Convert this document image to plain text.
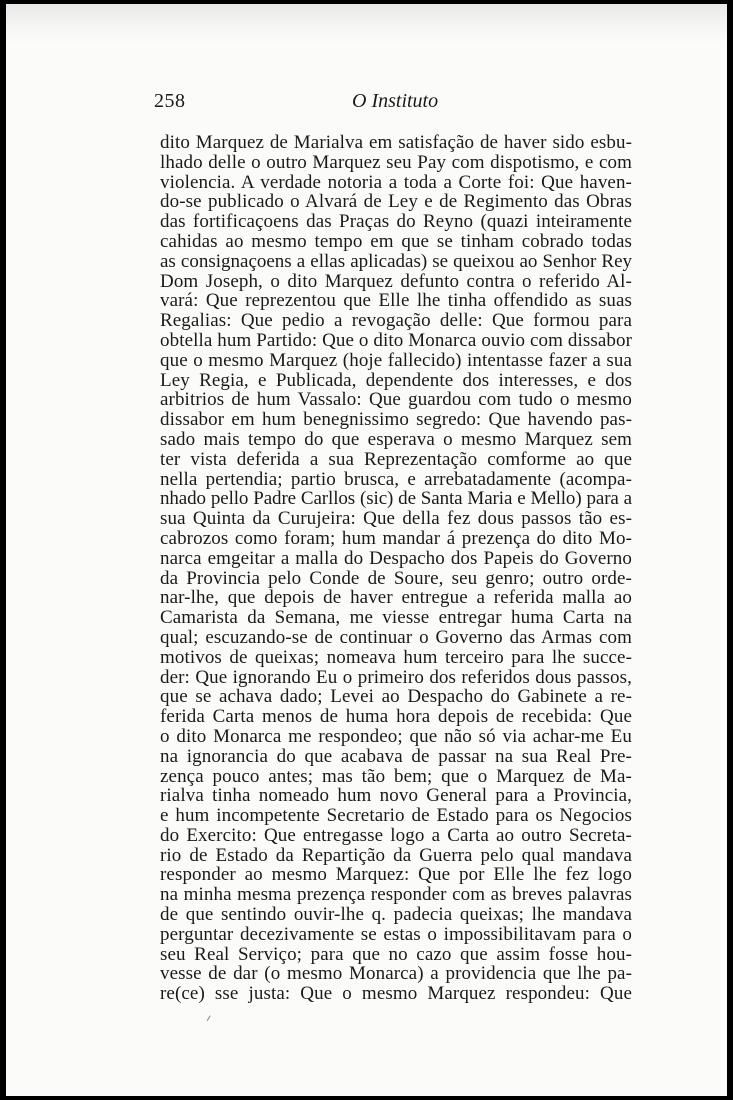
258	O Instituto
dito Marquez de Marialva em satisfação de haver sido esbu-
lhado delle o outro Marquez seu Pay com dispotismo, e com
violencia. A verdade notoria a toda a Corte foi: Que haven-
do-se publicado o Alvará de Ley e de Regimento das Obras
das fortificaçoens das Praças do Reyno (quazi inteiramente
cahidas ao mesmo tempo em que se tinham cobrado todas
as consignaçoens a ellas aplicadas) se queixou ao Senhor Rey
Dom Joseph, o dito Marquez defunto contra o referido Al-
vará: Que reprezentou que Elle lhe tinha offendido as suas
Regalias: Que pedio a revogação delle: Que formou para
obtella hum Partido: Que o dito Monarca ouvio com dissabor
que o mesmo Marquez (hoje fallecido) intentasse fazer a sua
Ley Regia, e Publicada, dependente dos interesses, e dos
arbitrios de hum Vassalo: Que guardou com tudo o mesmo
dissabor em hum benegnissimo segredo: Que havendo pas-
sado mais tempo do que esperava o mesmo Marquez sem
ter vista deferida a sua Reprezentação comforme ao que
nella pertendia; partio brusca, e arrebatadamente (acompa-
nhado pello Padre Carllos (sic) de Santa Maria e Mello) para a
sua Quinta da Curujeira: Que della fez dous passos tão es-
cabrozos como foram; hum mandar á prezença do dito Mo-
narca emgeitar a malla do Despacho dos Papeis do Governo
da Provincia pelo Conde de Soure, seu genro; outro orde-
nar-lhe, que depois de haver entregue a referida malla ao
Camarista da Semana, me viesse entregar huma Carta na
qual; escuzando-se de continuar o Governo das Armas com
motivos de queixas; nomeava hum terceiro para lhe succe-
der: Que ignorando Eu o primeiro dos referidos dous passos,
que se achava dado; Levei ao Despacho do Gabinete a re-
ferida Carta menos de huma hora depois de recebida: Que
o dito Monarca me respondeo; que não só via achar-me Eu
na ignorancia do que acabava de passar na sua Real Pre-
zença pouco antes; mas tão bem; que o Marquez de Ma-
rialva tinha nomeado hum novo General para a Provincia,
e hum incompetente Secretario de Estado para os Negocios
do Exercito: Que entregasse logo a Carta ao outro Secreta-
rio de Estado da Repartição da Guerra pelo qual mandava
responder ao mesmo Marquez: Que por Elle lhe fez logo
na minha mesma prezença responder com as breves palavras
de que sentindo ouvir-lhe q. padecia queixas; lhe mandava
perguntar decezivamente se estas o impossibilitavam para o
seu Real Serviço; para que no cazo que assim fosse hou-
vesse de dar (o mesmo Monarca) a providencia que lhe pa-
re(ce) sse justa: Que o mesmo Marquez respondeu: Que
